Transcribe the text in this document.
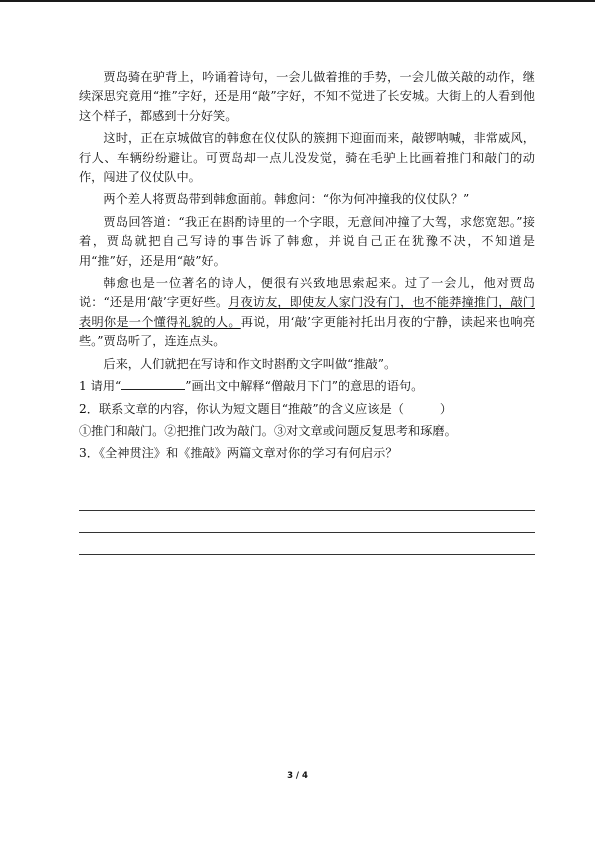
贾岛骑在驴背上，吟诵着诗句，一会儿做着推的手势，一会儿做关敲的动作，继续深思究竟用“推”字好，还是用“敲”字好，不知不觉进了长安城。大街上的人看到他这个样子，都感到十分好笑。

这时，正在京城做官的韩愈在仪仗队的簇拥下迎面而来，敲锣呐喊，非常威风，行人、车辆纷纷避让。可贾岛却一点儿没发觉，骑在毛驴上比画着推门和敲门的动作，闯进了仪仗队中。

两个差人将贾岛带到韩愈面前。韩愈问：“你为何冲撞我的仪仗队？”

贾岛回答道：“我正在斟酌诗里的一个字眼，无意间冲撞了大驾，求您宽恕。”接着，贾岛就把自己写诗的事告诉了韩愈，并说自己正在犹豫不决，不知道是用“推”好，还是用“敲”好。

韩愈也是一位著名的诗人，便很有兴致地思索起来。过了一会儿，他对贾岛说：“还是用‘敲’字更好些。月夜访友，即使友人家门没有门，也不能莽撞推门，敲门表明你是一个懂得礼貌的人。再说，用‘敲’字更能衬托出月夜的宁静，读起来也响亮些。”贾岛听了，连连点头。

后来，人们就把在写诗和作文时斟酌文字叫做“推敲”。

1 请用“	”画出文中解释“僧敲月下门”的意思的语句。

2．联系文章的内容，你认为短文题目“推敲”的含义应该是（	）

①推门和敲门。②把推门改为敲门。③对文章或问题反复思考和琢磨。

3．《全神贯注》和《推敲》两篇文章对你的学习有何启示？

3 / 4
